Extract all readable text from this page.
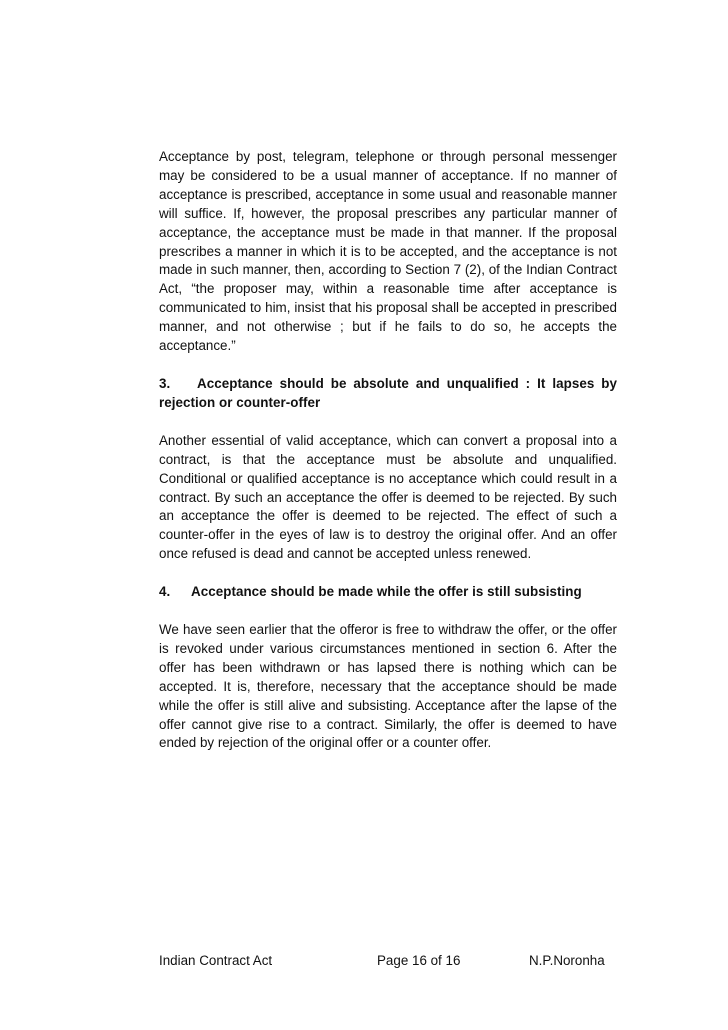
Acceptance by post, telegram, telephone or through personal messenger may be considered to be a usual manner of acceptance. If no manner of acceptance is prescribed, acceptance in some usual and reasonable manner will suffice. If, however, the proposal prescribes any particular manner of acceptance, the acceptance must be made in that manner. If the proposal prescribes a manner in which it is to be accepted, and the acceptance is not made in such manner, then, according to Section 7 (2), of the Indian Contract Act, “the proposer may, within a reasonable time after acceptance is communicated to him, insist that his proposal shall be accepted in prescribed manner, and not otherwise ; but if he fails to do so, he accepts the acceptance.”

3. Acceptance should be absolute and unqualified : It lapses by rejection or counter-offer

Another essential of valid acceptance, which can convert a proposal into a contract, is that the acceptance must be absolute and unqualified. Conditional or qualified acceptance is no acceptance which could result in a contract. By such an acceptance the offer is deemed to be rejected. By such an acceptance the offer is deemed to be rejected. The effect of such a counter-offer in the eyes of law is to destroy the original offer. And an offer once refused is dead and cannot be accepted unless renewed.

4. Acceptance should be made while the offer is still subsisting

We have seen earlier that the offeror is free to withdraw the offer, or the offer is revoked under various circumstances mentioned in section 6. After the offer has been withdrawn or has lapsed there is nothing which can be accepted. It is, therefore, necessary that the acceptance should be made while the offer is still alive and subsisting. Acceptance after the lapse of the offer cannot give rise to a contract. Similarly, the offer is deemed to have ended by rejection of the original offer or a counter offer.

Indian Contract Act	Page 16 of 16	N.P.Noronha
